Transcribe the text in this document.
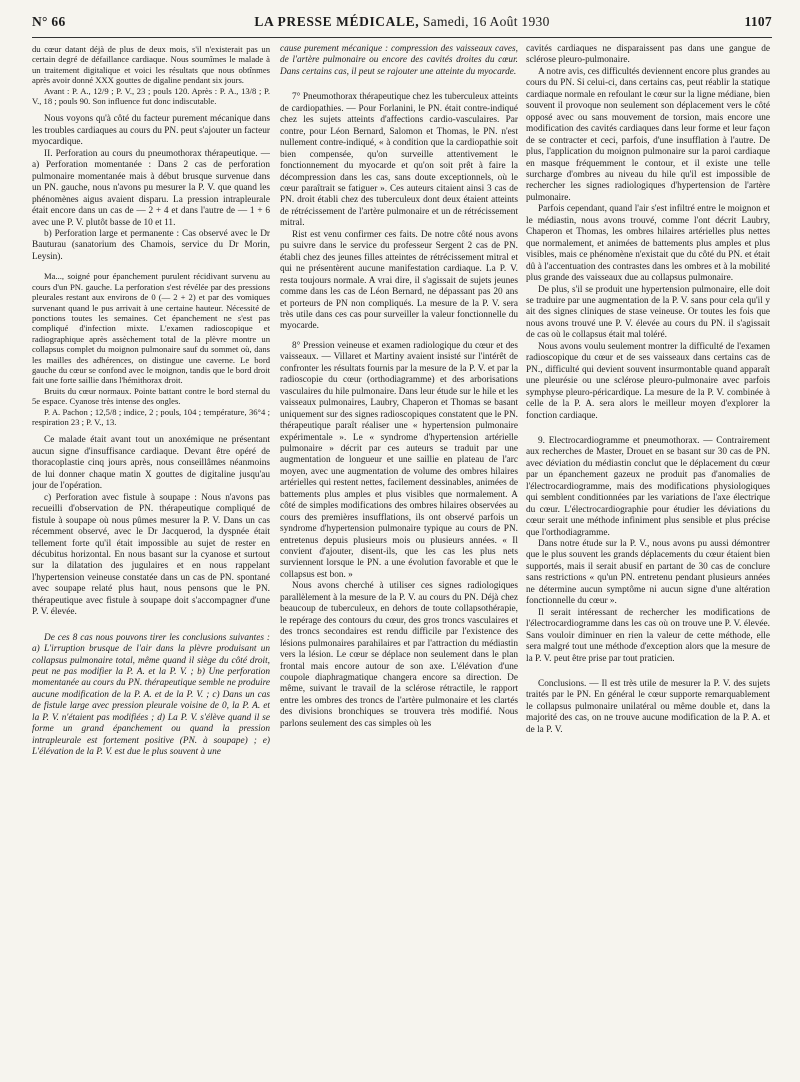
N° 66	LA PRESSE MÉDICALE, Samedi, 16 Août 1930	1107

du cœur datant déjà de plus de deux mois, s'il n'existerait pas un certain degré de défaillance cardiaque. Nous soumîmes le malade à un traitement digitalique et voici les résultats que nous obtînmes après avoir donné XXX gouttes de digaline pendant six jours.

Avant : P. A., 12/9 ; P. V., 23 ; pouls 120. Après : P. A., 13/8 ; P. V., 18 ; pouls 90. Son influence fut donc indiscutable.

Nous voyons qu'à côté du facteur purement mécanique dans les troubles cardiaques au cours du PN. peut s'ajouter un facteur myocardique.

II. Perforation au cours du pneumothorax thérapeutique. — a) Perforation momentanée : Dans 2 cas de perforation pulmonaire momentanée mais à début brusque survenue dans un PN. gauche, nous n'avons pu mesurer la P. V. que quand les phénomènes aigus avaient disparu. La pression intrapleurale était encore dans un cas de — 2 + 4 et dans l'autre de — 1 + 6 avec une P. V. plutôt basse de 10 et 11.

b) Perforation large et permanente : Cas observé avec le Dr Bauturau (sanatorium des Chamois, service du Dr Morin, Leysin).

Ma..., soigné pour épanchement purulent récidivant survenu au cours d'un PN. gauche. La perforation s'est révélée par des pressions pleurales restant aux environs de 0 (— 2 + 2) et par des vomiques survenant quand le pus arrivait à une certaine hauteur. Nécessité de ponctions toutes les semaines. Cet épanchement ne s'est pas compliqué d'infection mixte. L'examen radioscopique et radiographique après assèchement total de la plèvre montre un collapsus complet du moignon pulmonaire sauf du sommet où, dans les mailles des adhérences, on distingue une caverne. Le bord gauche du cœur se confond avec le moignon, tandis que le bord droit fait une forte saillie dans l'hémithorax droit.

Bruits du cœur normaux. Pointe battant contre le bord sternal du 5e espace. Cyanose très intense des ongles.

P. A. Pachon ; 12,5/8 ; indice, 2 ; pouls, 104 ; température, 36°4 ; respiration 23 ; P. V., 13.

Ce malade était avant tout un anoxémique ne présentant aucun signe d'insuffisance cardiaque. Devant être opéré de thoracoplastie cinq jours après, nous conseillâmes néanmoins de lui donner chaque matin X gouttes de digitaline jusqu'au jour de l'opération.

c) Perforation avec fistule à soupape : Nous n'avons pas recueilli d'observation de PN. thérapeutique compliqué de fistule à soupape où nous pûmes mesurer la P. V. Dans un cas récemment observé, avec le Dr Jacquerod, la dyspnée était tellement forte qu'il était impossible au sujet de rester en décubitus horizontal. En nous basant sur la cyanose et surtout sur la dilatation des jugulaires et en nous rappelant l'hypertension veineuse constatée dans un cas de PN. spontané avec soupape relaté plus haut, nous pensons que le PN. thérapeutique avec fistule à soupape doit s'accompagner d'une P. V. élevée.

De ces 8 cas nous pouvons tirer les conclusions suivantes : a) L'irruption brusque de l'air dans la plèvre produisant un collapsus pulmonaire total, même quand il siège du côté droit, peut ne pas modifier la P. A. et la P. V. ; b) Une perforation momentanée au cours du PN. thérapeutique semble ne produire aucune modification de la P. A. et de la P. V. ; c) Dans un cas de fistule large avec pression pleurale voisine de 0, la P. A. et la P. V. n'étaient pas modifiées ; d) La P. V. s'élève quand il se forme un grand épanchement ou quand la pression intrapleurale est fortement positive (PN. à soupape) ; e) L'élévation de la P. V. est due le plus souvent à une

cause purement mécanique : compression des vaisseaux caves, de l'artère pulmonaire ou encore des cavités droites du cœur. Dans certains cas, il peut se rajouter une atteinte du myocarde.

7° Pneumothorax thérapeutique chez les tuberculeux atteints de cardiopathies. — Pour Forlanini, le PN. était contre-indiqué chez les sujets atteints d'affections cardio-vasculaires. Par contre, pour Léon Bernard, Salomon et Thomas, le PN. n'est nullement contre-indiqué, « à condition que la cardiopathie soit bien compensée, qu'on surveille attentivement le fonctionnement du myocarde et qu'on soit prêt à faire la décompression dans les cas, sans doute exceptionnels, où le cœur paraîtrait se fatiguer ». Ces auteurs citaient ainsi 3 cas de PN. droit établi chez des tuberculeux dont deux étaient atteints de rétrécissement de l'artère pulmonaire et un de rétrécissement mitral.

Rist est venu confirmer ces faits. De notre côté nous avons pu suivre dans le service du professeur Sergent 2 cas de PN. établi chez des jeunes filles atteintes de rétrécissement mitral et qui ne présentèrent aucune manifestation cardiaque. La P. V. resta toujours normale. A vrai dire, il s'agissait de sujets jeunes comme dans les cas de Léon Bernard, ne dépassant pas 20 ans et porteurs de PN non compliqués. La mesure de la P. V. sera très utile dans ces cas pour surveiller la valeur fonctionnelle du myocarde.

8° Pression veineuse et examen radiologique du cœur et des vaisseaux. — Villaret et Martiny avaient insisté sur l'intérêt de confronter les résultats fournis par la mesure de la P. V. et par la radioscopie du cœur (orthodiagramme) et des arborisations vasculaires du hile pulmonaire. Dans leur étude sur le hile et les vaisseaux pulmonaires, Laubry, Chaperon et Thomas se basant uniquement sur des signes radioscopiques constatent que le PN. thérapeutique paraît réaliser une « hypertension pulmonaire expérimentale ». Le « syndrome d'hypertension artérielle pulmonaire » décrit par ces auteurs se traduit par une augmentation de longueur et une saillie en plateau de l'arc moyen, avec une augmentation de volume des ombres hilaires artérielles qui restent nettes, facilement dessinables, animées de battements plus amples et plus visibles que normalement. A côté de simples modifications des ombres hilaires observées au cours des premières insufflations, ils ont observé parfois un syndrome d'hypertension pulmonaire typique au cours de PN. entretenus depuis plusieurs mois ou plusieurs années. « Il convient d'ajouter, disent-ils, que les cas les plus nets surviennent lorsque le PN. a une évolution favorable et que le collapsus est bon. »

Nous avons cherché à utiliser ces signes radiologiques parallèlement à la mesure de la P. V. au cours du PN. Déjà chez beaucoup de tuberculeux, en dehors de toute collapsothérapie, le repérage des contours du cœur, des gros troncs vasculaires et des troncs secondaires est rendu difficile par l'existence des lésions pulmonaires parahilaires et par l'attraction du médiastin vers la lésion. Le cœur se déplace non seulement dans le plan frontal mais encore autour de son axe. L'élévation d'une coupole diaphragmatique changera encore sa direction. De même, suivant le travail de la sclérose rétractile, le rapport entre les ombres des troncs de l'artère pulmonaire et les clartés des divisions bronchiques se trouvera très modifié. Nous parlons seulement des cas simples où les

cavités cardiaques ne disparaissent pas dans une gangue de sclérose pleuro-pulmonaire.

A notre avis, ces difficultés deviennent encore plus grandes au cours du PN. Si celui-ci, dans certains cas, peut réablir la statique cardiaque normale en refoulant le cœur sur la ligne médiane, bien souvent il provoque non seulement son déplacement vers le côté opposé avec ou sans mouvement de torsion, mais encore une modification des cavités cardiaques dans leur forme et leur façon de se contracter et ceci, parfois, d'une insufflation à l'autre. De plus, l'application du moignon pulmonaire sur la paroi cardiaque en masque fréquemment le contour, et il existe une telle surcharge d'ombres au niveau du hile qu'il est impossible de rechercher les signes radiologiques d'hypertension de l'artère pulmonaire.

Parfois cependant, quand l'air s'est infiltré entre le moignon et le médiastin, nous avons trouvé, comme l'ont décrit Laubry, Chaperon et Thomas, les ombres hilaires artérielles plus nettes que normalement, et animées de battements plus amples et plus visibles, mais ce phénomène n'existait que du côté du PN. et était dû à l'accentuation des contrastes dans les ombres et à la mobilité plus grande des vaisseaux due au collapsus pulmonaire.

De plus, s'il se produit une hypertension pulmonaire, elle doit se traduire par une augmentation de la P. V. sans pour cela qu'il y ait des signes cliniques de stase veineuse. Or toutes les fois que nous avons trouvé une P. V. élevée au cours du PN. il s'agissait de cas où le collapsus était mal toléré.

Nous avons voulu seulement montrer la difficulté de l'examen radioscopique du cœur et de ses vaisseaux dans certains cas de PN., difficulté qui devient souvent insurmontable quand apparaît une pleurésie ou une sclérose pleuro-pulmonaire avec parfois symphyse pleuro-péricardique. La mesure de la P. V. combinée à celle de la P. A. sera alors le meilleur moyen d'explorer la fonction cardiaque.

9. Electrocardiogramme et pneumothorax. — Contrairement aux recherches de Master, Drouet en se basant sur 30 cas de PN. avec déviation du médiastin conclut que le déplacement du cœur par un épanchement gazeux ne produit pas d'anomalies de l'électrocardiogramme, mais des modifications physiologiques qui semblent conditionnées par les variations de l'axe électrique du cœur. L'électrocardiographie pour étudier les déviations du cœur serait une méthode infiniment plus sensible et plus précise que l'orthodiagramme.

Dans notre étude sur la P. V., nous avons pu aussi démontrer que le plus souvent les grands déplacements du cœur étaient bien supportés, mais il serait abusif en partant de 30 cas de conclure sans restrictions « qu'un PN. entretenu pendant plusieurs années ne détermine aucun symptôme ni aucun signe d'une altération fonctionnelle du cœur ».

Il serait intéressant de rechercher les modifications de l'électrocardiogramme dans les cas où on trouve une P. V. élevée. Sans vouloir diminuer en rien la valeur de cette méthode, elle sera malgré tout une méthode d'exception alors que la mesure de la P. V. peut être prise par tout praticien.

Conclusions. — Il est très utile de mesurer la P. V. des sujets traités par le PN. En général le cœur supporte remarquablement le collapsus pulmonaire unilatéral ou même double et, dans la majorité des cas, on ne trouve aucune modification de la P. A. et de la P. V.
